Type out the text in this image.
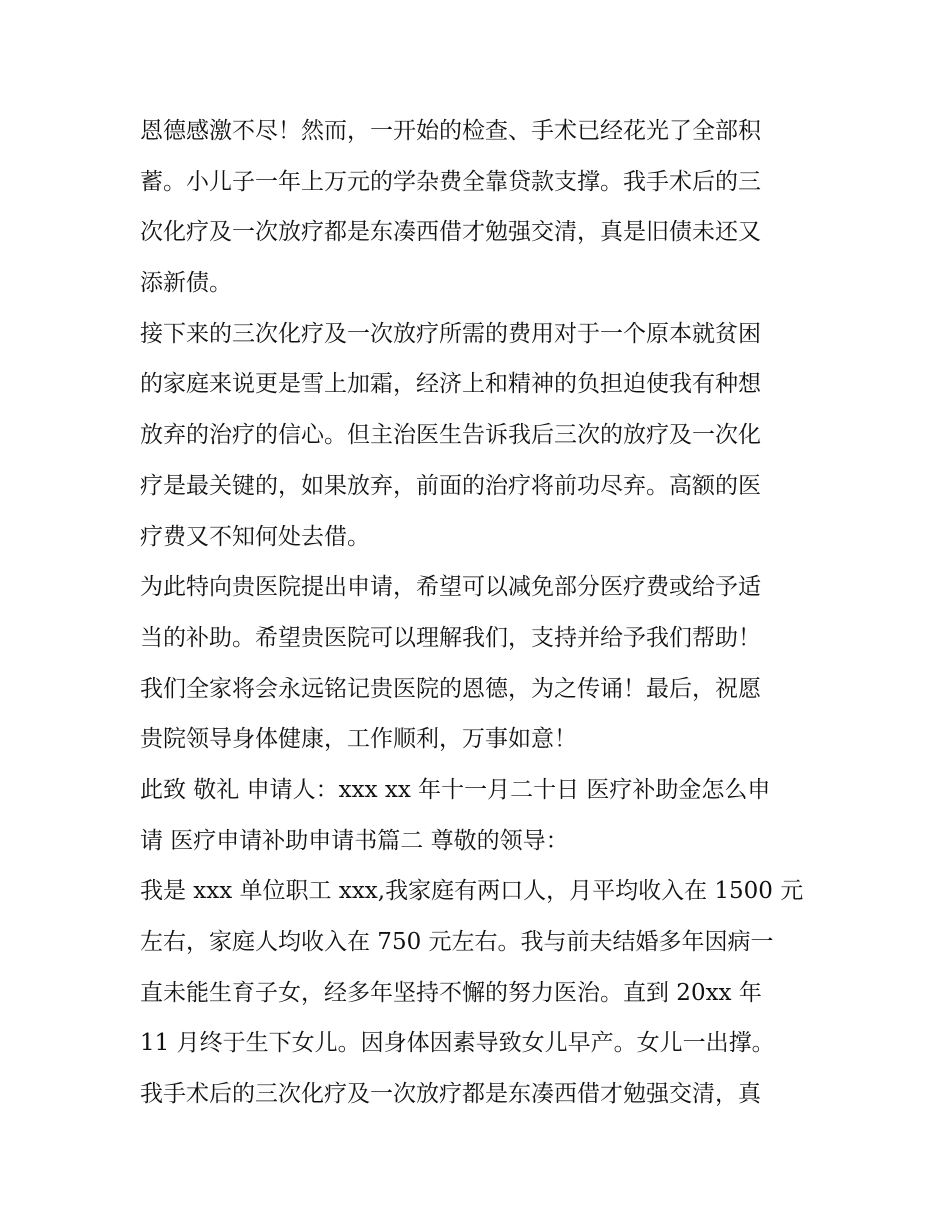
恩德感激不尽！然而，一开始的检查、手术已经花光了全部积
蓄。小儿子一年上万元的学杂费全靠贷款支撑。我手术后的三
次化疗及一次放疗都是东凑西借才勉强交清，真是旧债未还又
添新债。
接下来的三次化疗及一次放疗所需的费用对于一个原本就贫困
的家庭来说更是雪上加霜，经济上和精神的负担迫使我有种想
放弃的治疗的信心。但主治医生告诉我后三次的放疗及一次化
疗是最关键的，如果放弃，前面的治疗将前功尽弃。高额的医
疗费又不知何处去借。
为此特向贵医院提出申请，希望可以减免部分医疗费或给予适
当的补助。希望贵医院可以理解我们，支持并给予我们帮助！
我们全家将会永远铭记贵医院的恩德，为之传诵！最后，祝愿
贵院领导身体健康，工作顺利，万事如意！
此致 敬礼 申请人：xxx xx 年十一月二十日 医疗补助金怎么申
请 医疗申请补助申请书篇二 尊敬的领导：
我是 xxx 单位职工 xxx,我家庭有两口人，月平均收入在 1500 元
左右，家庭人均收入在 750 元左右。我与前夫结婚多年因病一
直未能生育子女，经多年坚持不懈的努力医治。直到 20xx 年
11 月终于生下女儿。因身体因素导致女儿早产。女儿一出撑。
我手术后的三次化疗及一次放疗都是东凑西借才勉强交清，真
